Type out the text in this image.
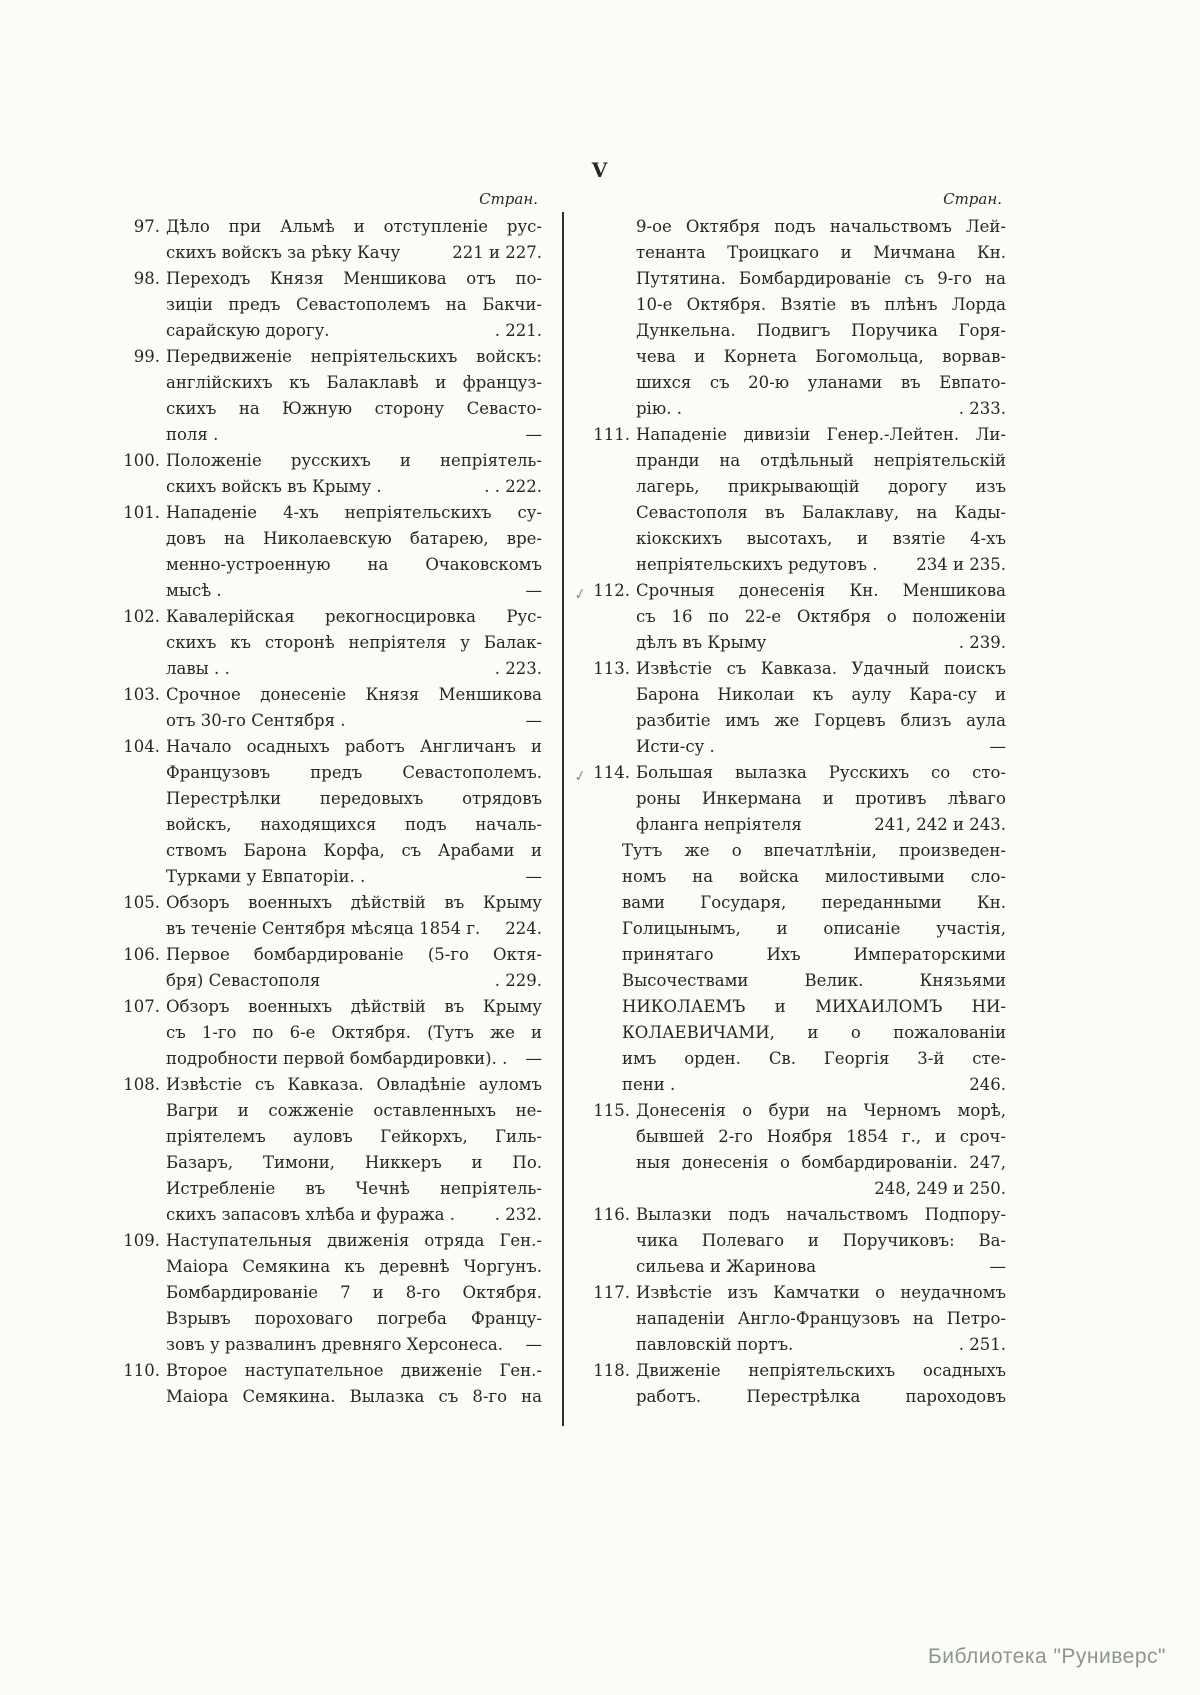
V
Стран.
97. Дѣло при Альмѣ и отступленіе рус-
скихъ войскъ за рѣку Качу	221 и 227.
98. Переходъ Князя Меншикова отъ по-
зиціи предъ Севастополемъ на Бакчи-
сарайскую дорогу.	. 221.
99. Передвиженіе непріятельскихъ войскъ:
англійскихъ къ Балаклавѣ и француз-
скихъ на Южную сторону Севасто-
поля .	—
100. Положеніе русскихъ и непріятель-
скихъ войскъ въ Крыму .	. . 222.
101. Нападеніе 4-хъ непріятельскихъ су-
довъ на Николаевскую батарею, вре-
менно-устроенную на Очаковскомъ
мысѣ .	—
102. Кавалерійская рекогносцировка Рус-
скихъ къ сторонѣ непріятеля у Балак-
лавы . .	. 223.
103. Срочное донесеніе Князя Меншикова
отъ 30-го Сентября .	—
104. Начало осадныхъ работъ Англичанъ и
Французовъ предъ Севастополемъ.
Перестрѣлки передовыхъ отрядовъ
войскъ, находящихся подъ началь-
ствомъ Барона Корфа, съ Арабами и
Турками у Евпаторіи. .	—
105. Обзоръ военныхъ дѣйствій въ Крыму
въ теченіе Сентября мѣсяца 1854 г.	224.
106. Первое бомбардированіе (5-го Октя-
бря) Севастополя	. 229.
107. Обзоръ военныхъ дѣйствій въ Крыму
съ 1-го по 6-е Октября. (Тутъ же и
подробности первой бомбардировки). .	—
108. Извѣстіе съ Кавказа. Овладѣніе ауломъ
Вагри и сожженіе оставленныхъ не-
пріятелемъ ауловъ Гейкорхъ, Гиль-
Базаръ, Тимони, Никкеръ и По.
Истребленіе въ Чечнѣ непріятель-
скихъ запасовъ хлѣба и фуража .	. 232.
109. Наступательныя движенія отряда Ген.-
Маіора Семякина къ деревнѣ Чоргунъ.
Бомбардированіе 7 и 8-го Октября.
Взрывъ пороховаго погреба Францу-
зовъ у развалинъ древняго Херсонеса.	—
110. Второе наступательное движеніе Ген.-
Маіора Семякина. Вылазка съ 8-го на
Стран.
9-ое Октября подъ начальствомъ Лей-
тенанта Троицкаго и Мичмана Кн.
Путятина. Бомбардированіе съ 9-го на
10-е Октября. Взятіе въ плѣнъ Лорда
Дункельна. Подвигъ Поручика Горя-
чева и Корнета Богомольца, ворвав-
шихся съ 20-ю уланами въ Евпато-
рію. .	. 233.
111. Нападеніе дивизіи Генер.-Лейтен. Ли-
пранди на отдѣльный непріятельскій
лагерь, прикрывающій дорогу изъ
Севастополя въ Балаклаву, на Кады-
кіокскихъ высотахъ, и взятіе 4-хъ
непріятельскихъ редутовъ .	234 и 235.
✓ 112. Срочныя донесенія Кн. Меншикова
съ 16 по 22-е Октября о положеніи
дѣлъ въ Крыму	. 239.
113. Извѣстіе съ Кавказа. Удачный поискъ
Барона Николаи къ аулу Кара-су и
разбитіе имъ же Горцевъ близъ аула
Исти-су .	—
✓ 114. Большая вылазка Русскихъ со сто-
роны Инкермана и противъ лѣваго
фланга непріятеля	241, 242 и 243.
Тутъ же о впечатлѣніи, произведен-
номъ на войска милостивыми сло-
вами Государя, переданными Кн.
Голицынымъ, и описаніе участія,
принятаго Ихъ Императорскими
Высочествами Велик. Князьями
НИКОЛАЕМЪ и МИХАИЛОМЪ НИ-
КОЛАЕВИЧАМИ, и о пожалованіи
имъ орден. Св. Георгія 3-й сте-
пени .	246.
115. Донесенія о бури на Черномъ морѣ,
бывшей 2-го Ноября 1854 г., и сроч-
ныя донесенія о бомбардированіи. 247,
248, 249 и 250.
116. Вылазки подъ начальствомъ Подпору-
чика Полеваго и Поручиковъ: Ва-
сильева и Жаринова	—
117. Извѣстіе изъ Камчатки о неудачномъ
нападеніи Англо-Французовъ на Петро-
павловскій портъ.	. 251.
118. Движеніе непріятельскихъ осадныхъ
работъ. Перестрѣлка пароходовъ
Библиотека "Руниверс"
